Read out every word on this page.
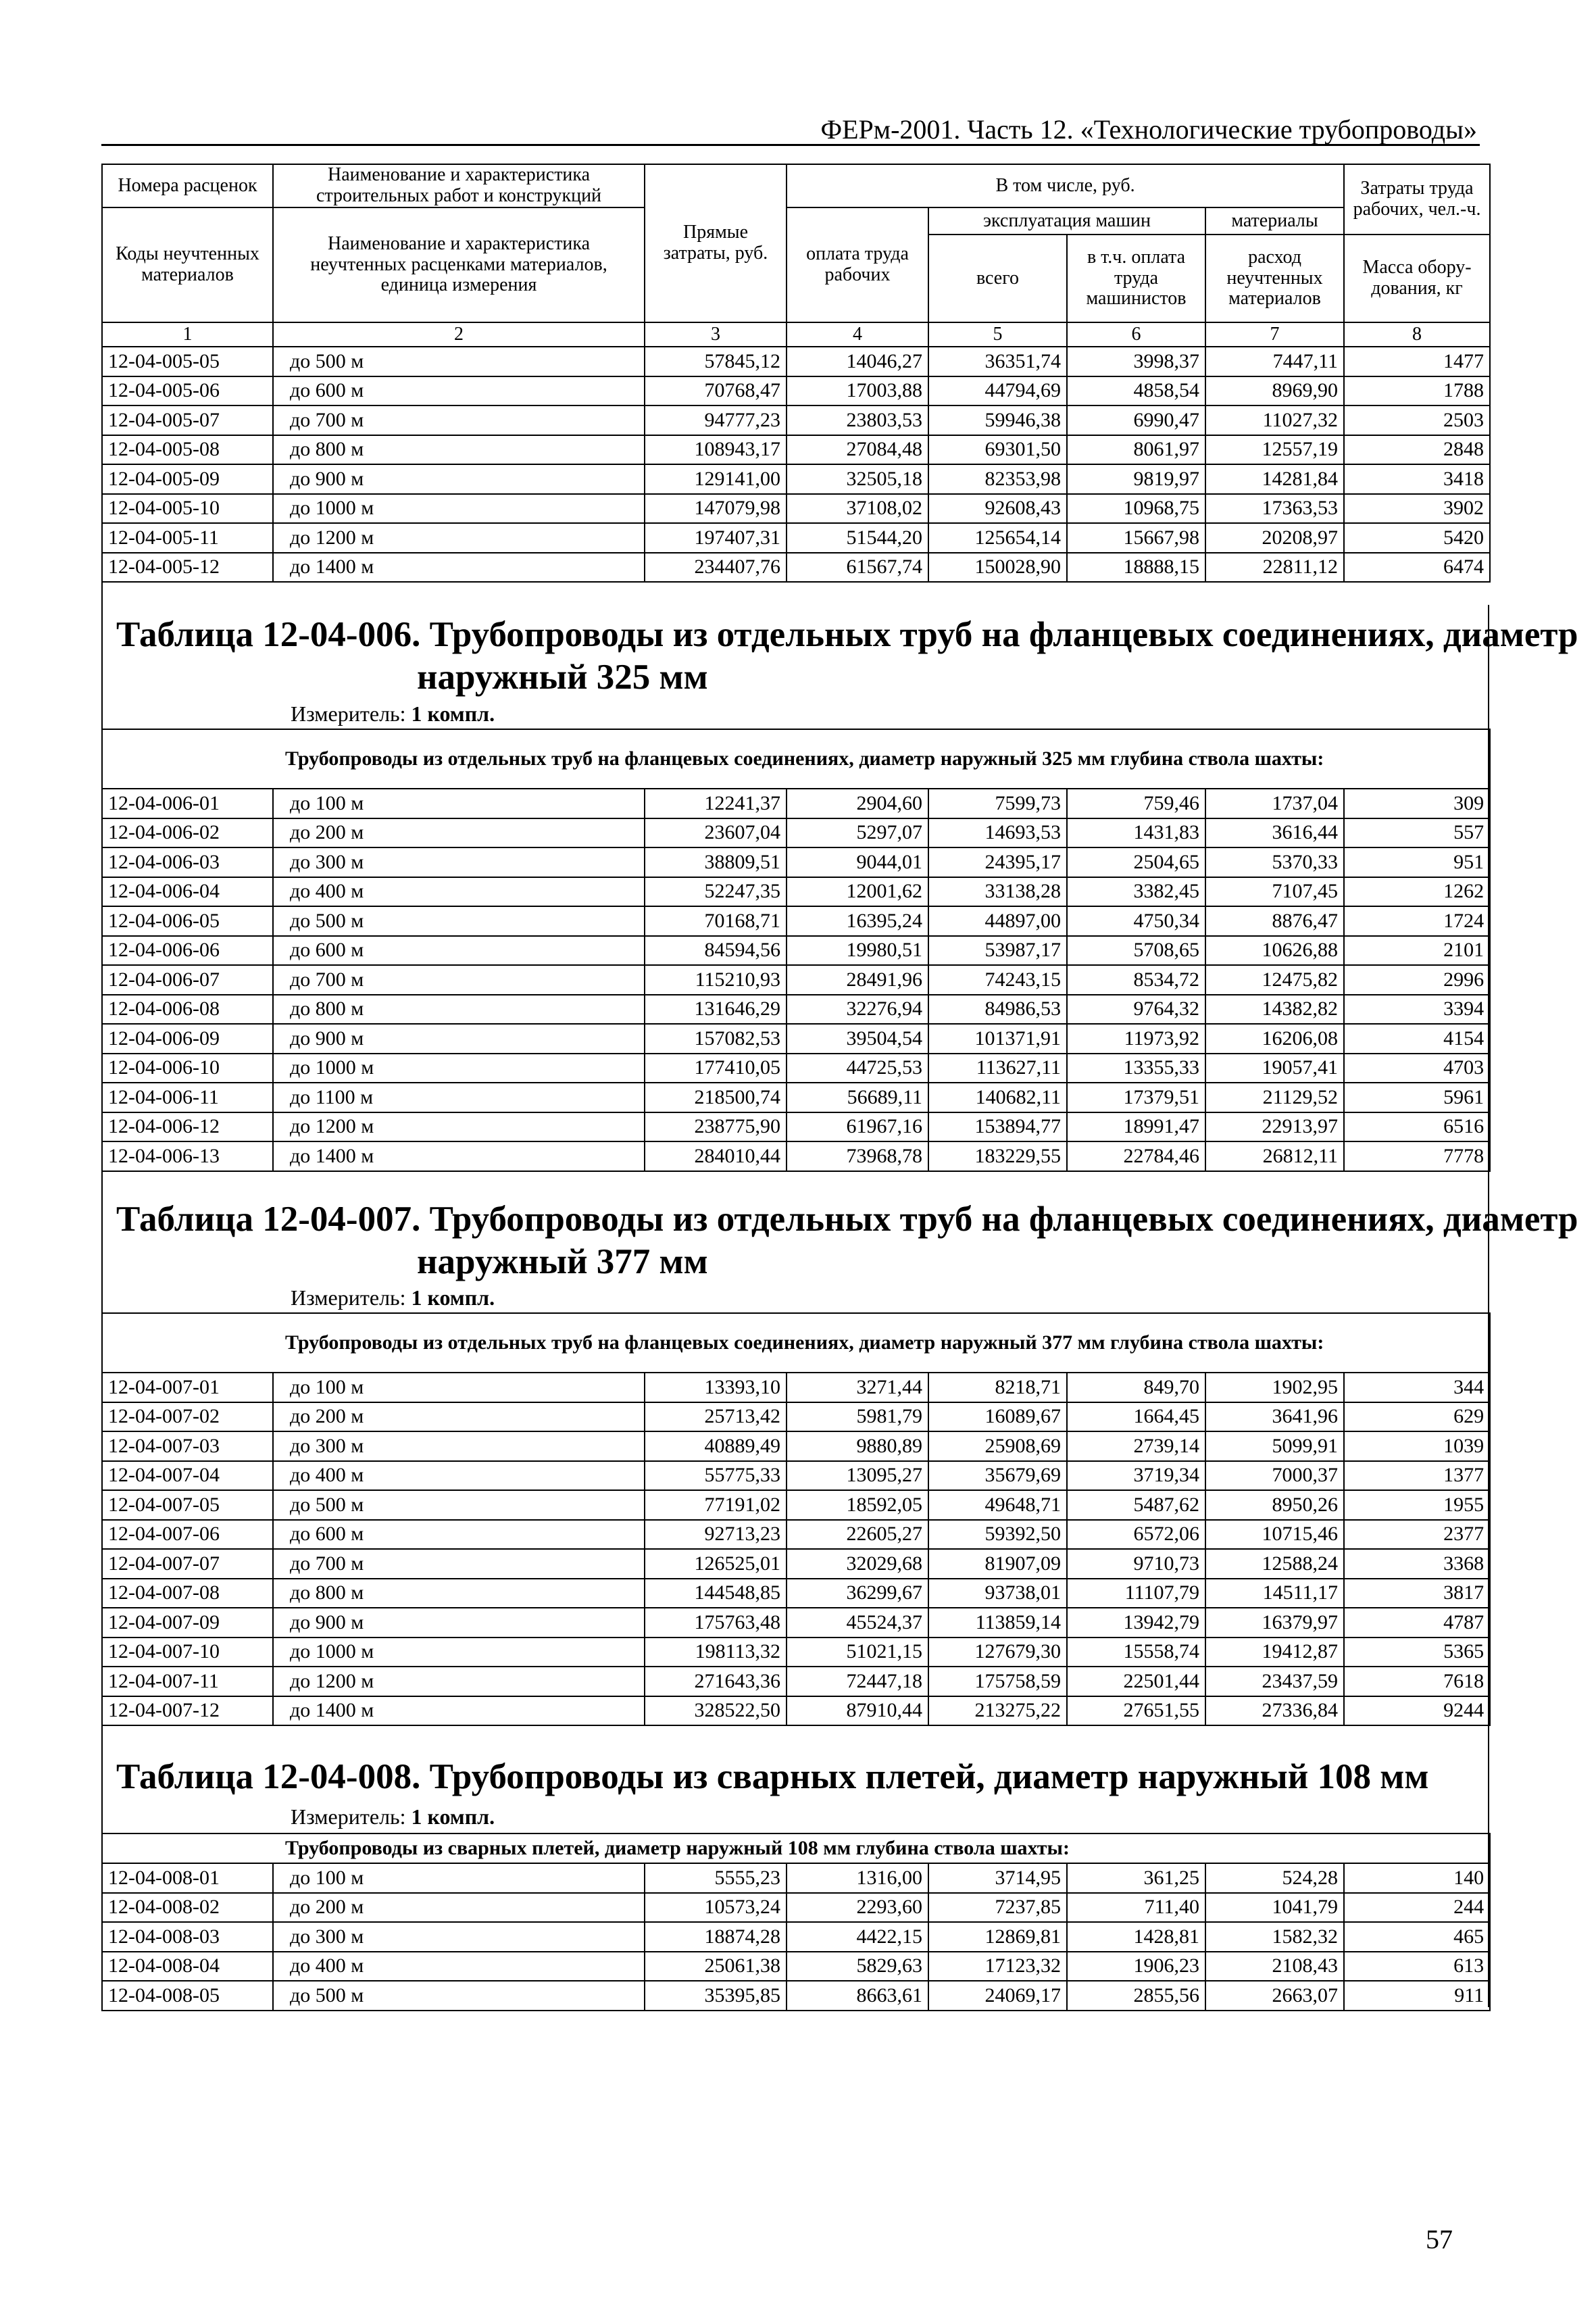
ФЕРм-2001. Часть 12. «Технологические трубопроводы»
Номера расценок	Наименование и характеристика строительных работ и конструкций	Прямые затраты, руб.	В том числе, руб.				Затраты труда рабочих, чел.-ч.
Коды неучтенных материалов	Наименование и характеристика неучтенных расценками материалов, единица измерения		оплата труда рабочих	эксплуатация машин		материалы	
				всего	в т.ч. оплата труда машинистов	расход неучтенных материалов	Масса обору-дования, кг
1	2	3	4	5	6	7	8
12-04-005-05	до 500 м	57845,12	14046,27	36351,74	3998,37	7447,11	1477
12-04-005-06	до 600 м	70768,47	17003,88	44794,69	4858,54	8969,90	1788
12-04-005-07	до 700 м	94777,23	23803,53	59946,38	6990,47	11027,32	2503
12-04-005-08	до 800 м	108943,17	27084,48	69301,50	8061,97	12557,19	2848
12-04-005-09	до 900 м	129141,00	32505,18	82353,98	9819,97	14281,84	3418
12-04-005-10	до 1000 м	147079,98	37108,02	92608,43	10968,75	17363,53	3902
12-04-005-11	до 1200 м	197407,31	51544,20	125654,14	15667,98	20208,97	5420
12-04-005-12	до 1400 м	234407,76	61567,74	150028,90	18888,15	22811,12	6474
Таблица 12-04-006. Трубопроводы из отдельных труб на фланцевых соединениях, диаметр
наружный 325 мм
Измеритель: 1 компл.
Трубопроводы из отдельных труб на фланцевых соединениях, диаметр наружный 325 мм глубина ствола шахты:							
12-04-006-01	до 100 м	12241,37	2904,60	7599,73	759,46	1737,04	309
12-04-006-02	до 200 м	23607,04	5297,07	14693,53	1431,83	3616,44	557
12-04-006-03	до 300 м	38809,51	9044,01	24395,17	2504,65	5370,33	951
12-04-006-04	до 400 м	52247,35	12001,62	33138,28	3382,45	7107,45	1262
12-04-006-05	до 500 м	70168,71	16395,24	44897,00	4750,34	8876,47	1724
12-04-006-06	до 600 м	84594,56	19980,51	53987,17	5708,65	10626,88	2101
12-04-006-07	до 700 м	115210,93	28491,96	74243,15	8534,72	12475,82	2996
12-04-006-08	до 800 м	131646,29	32276,94	84986,53	9764,32	14382,82	3394
12-04-006-09	до 900 м	157082,53	39504,54	101371,91	11973,92	16206,08	4154
12-04-006-10	до 1000 м	177410,05	44725,53	113627,11	13355,33	19057,41	4703
12-04-006-11	до 1100 м	218500,74	56689,11	140682,11	17379,51	21129,52	5961
12-04-006-12	до 1200 м	238775,90	61967,16	153894,77	18991,47	22913,97	6516
12-04-006-13	до 1400 м	284010,44	73968,78	183229,55	22784,46	26812,11	7778
Таблица 12-04-007. Трубопроводы из отдельных труб на фланцевых соединениях, диаметр
наружный 377 мм
Измеритель: 1 компл.
Трубопроводы из отдельных труб на фланцевых соединениях, диаметр наружный 377 мм глубина ствола шахты:							
12-04-007-01	до 100 м	13393,10	3271,44	8218,71	849,70	1902,95	344
12-04-007-02	до 200 м	25713,42	5981,79	16089,67	1664,45	3641,96	629
12-04-007-03	до 300 м	40889,49	9880,89	25908,69	2739,14	5099,91	1039
12-04-007-04	до 400 м	55775,33	13095,27	35679,69	3719,34	7000,37	1377
12-04-007-05	до 500 м	77191,02	18592,05	49648,71	5487,62	8950,26	1955
12-04-007-06	до 600 м	92713,23	22605,27	59392,50	6572,06	10715,46	2377
12-04-007-07	до 700 м	126525,01	32029,68	81907,09	9710,73	12588,24	3368
12-04-007-08	до 800 м	144548,85	36299,67	93738,01	11107,79	14511,17	3817
12-04-007-09	до 900 м	175763,48	45524,37	113859,14	13942,79	16379,97	4787
12-04-007-10	до 1000 м	198113,32	51021,15	127679,30	15558,74	19412,87	5365
12-04-007-11	до 1200 м	271643,36	72447,18	175758,59	22501,44	23437,59	7618
12-04-007-12	до 1400 м	328522,50	87910,44	213275,22	27651,55	27336,84	9244
Таблица 12-04-008. Трубопроводы из сварных плетей, диаметр наружный 108 мм
Измеритель: 1 компл.
Трубопроводы из сварных плетей, диаметр наружный 108 мм глубина ствола шахты:							
12-04-008-01	до 100 м	5555,23	1316,00	3714,95	361,25	524,28	140
12-04-008-02	до 200 м	10573,24	2293,60	7237,85	711,40	1041,79	244
12-04-008-03	до 300 м	18874,28	4422,15	12869,81	1428,81	1582,32	465
12-04-008-04	до 400 м	25061,38	5829,63	17123,32	1906,23	2108,43	613
12-04-008-05	до 500 м	35395,85	8663,61	24069,17	2855,56	2663,07	911
57
